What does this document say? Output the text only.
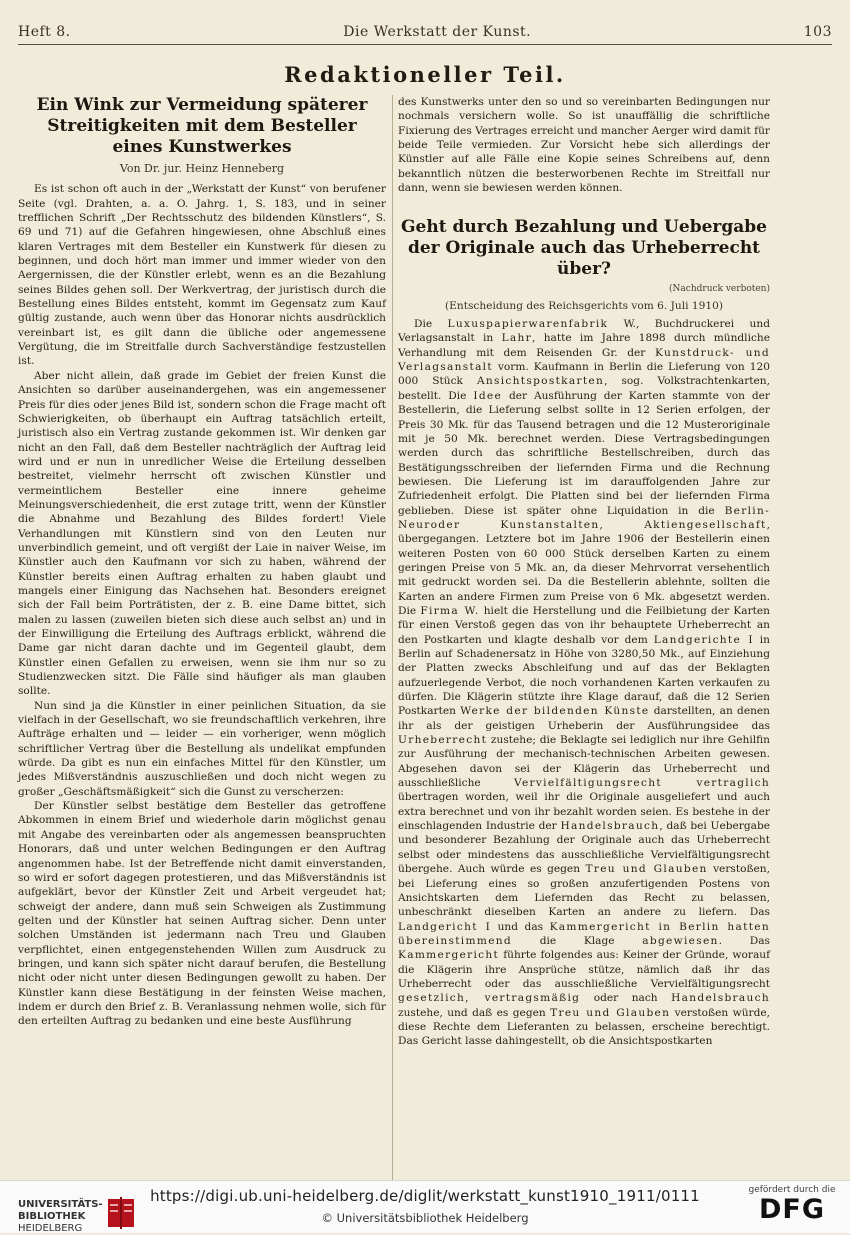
Heft 8.	Die Werkstatt der Kunst.	103
Redaktioneller Teil.
Ein Wink zur Vermeidung späterer
Streitigkeiten mit dem Besteller
eines Kunstwerkes
Von Dr. jur. Heinz Henneberg

Es ist schon oft auch in der „Werkstatt der Kunst“ von berufener Seite (vgl. Drahten, a. a. O. Jahrg. 1, S. 183, und in seiner trefflichen Schrift „Der Rechtsschutz des bildenden Künstlers“, S. 69 und 71) auf die Gefahren hingewiesen, ohne Abschluß eines klaren Vertrages mit dem Besteller ein Kunstwerk für diesen zu beginnen, und doch hört man immer und immer wieder von den Aergernissen, die der Künstler erlebt, wenn es an die Bezahlung seines Bildes gehen soll. Der Werkvertrag, der juristisch durch die Bestellung eines Bildes entsteht, kommt im Gegensatz zum Kauf gültig zustande, auch wenn über das Honorar nichts ausdrücklich vereinbart ist, es gilt dann die übliche oder angemessene Vergütung, die im Streitfalle durch Sachverständige festzustellen ist.

Aber nicht allein, daß grade im Gebiet der freien Kunst die Ansichten so darüber auseinandergehen, was ein angemessener Preis für dies oder jenes Bild ist, sondern schon die Frage macht oft Schwierigkeiten, ob überhaupt ein Auftrag tatsächlich erteilt, juristisch also ein Vertrag zustande gekommen ist. Wir denken gar nicht an den Fall, daß dem Besteller nachträglich der Auftrag leid wird und er nun in unredlicher Weise die Erteilung desselben bestreitet, vielmehr herrscht oft zwischen Künstler und vermeintlichem Besteller eine innere geheime Meinungsverschiedenheit, die erst zutage tritt, wenn der Künstler die Abnahme und Bezahlung des Bildes fordert! Viele Verhandlungen mit Künstlern sind von den Leuten nur unverbindlich gemeint, und oft vergißt der Laie in naiver Weise, im Künstler auch den Kaufmann vor sich zu haben, während der Künstler bereits einen Auftrag erhalten zu haben glaubt und mangels einer Einigung das Nachsehen hat. Besonders ereignet sich der Fall beim Porträtisten, der z. B. eine Dame bittet, sich malen zu lassen (zuweilen bieten sich diese auch selbst an) und in der Einwilligung die Erteilung des Auftrags erblickt, während die Dame gar nicht daran dachte und im Gegenteil glaubt, dem Künstler einen Gefallen zu erweisen, wenn sie ihm nur so zu Studienzwecken sitzt. Die Fälle sind häufiger als man glauben sollte.

Nun sind ja die Künstler in einer peinlichen Situation, da sie vielfach in der Gesellschaft, wo sie freundschaftlich verkehren, ihre Aufträge erhalten und — leider — ein vorheriger, wenn möglich schriftlicher Vertrag über die Bestellung als undelikat empfunden würde. Da gibt es nun ein einfaches Mittel für den Künstler, um jedes Mißverständnis auszuschließen und doch nicht wegen zu großer „Geschäftsmäßigkeit“ sich die Gunst zu verscherzen:

Der Künstler selbst bestätige dem Besteller das getroffene Abkommen in einem Brief und wiederhole darin möglichst genau mit Angabe des vereinbarten oder als angemessen beanspruchten Honorars, daß und unter welchen Bedingungen er den Auftrag angenommen habe. Ist der Betreffende nicht damit einverstanden, so wird er sofort dagegen protestieren, und das Mißverständnis ist aufgeklärt, bevor der Künstler Zeit und Arbeit vergeudet hat; schweigt der andere, dann muß sein Schweigen als Zustimmung gelten und der Künstler hat seinen Auftrag sicher. Denn unter solchen Umständen ist jedermann nach Treu und Glauben verpflichtet, einen entgegenstehenden Willen zum Ausdruck zu bringen, und kann sich später nicht darauf berufen, die Bestellung nicht oder nicht unter diesen Bedingungen gewollt zu haben. Der Künstler kann diese Bestätigung in der feinsten Weise machen, indem er durch den Brief z. B. Veranlassung nehmen wolle, sich für den erteilten Auftrag zu bedanken und eine beste Ausführung

des Kunstwerks unter den so und so vereinbarten Bedingungen nur nochmals versichern wolle. So ist unauffällig die schriftliche Fixierung des Vertrages erreicht und mancher Aerger wird damit für beide Teile vermieden. Zur Vorsicht hebe sich allerdings der Künstler auf alle Fälle eine Kopie seines Schreibens auf, denn bekanntlich nützen die besterworbenen Rechte im Streitfall nur dann, wenn sie bewiesen werden können.

Geht durch Bezahlung und Uebergabe
der Originale auch das Urheberrecht
über?
(Nachdruck verboten)
(Entscheidung des Reichsgerichts vom 6. Juli 1910)

Die Luxuspapierwarenfabrik W., Buchdruckerei und Verlagsanstalt in Lahr, hatte im Jahre 1898 durch mündliche Verhandlung mit dem Reisenden Gr. der Kunstdruck- und Verlagsanstalt vorm. Kaufmann in Berlin die Lieferung von 120 000 Stück Ansichtspostkarten, sog. Volkstrachtenkarten, bestellt. Die Idee der Ausführung der Karten stammte von der Bestellerin, die Lieferung selbst sollte in 12 Serien erfolgen, der Preis 30 Mk. für das Tausend betragen und die 12 Musteroriginale mit je 50 Mk. berechnet werden. Diese Vertragsbedingungen werden durch das schriftliche Bestellschreiben, durch das Bestätigungsschreiben der liefernden Firma und die Rechnung bewiesen. Die Lieferung ist im darauffolgenden Jahre zur Zufriedenheit erfolgt. Die Platten sind bei der liefernden Firma geblieben. Diese ist später ohne Liquidation in die Berlin-Neuroder Kunstanstalten, Aktiengesellschaft, übergegangen. Letztere bot im Jahre 1906 der Bestellerin einen weiteren Posten von 60 000 Stück derselben Karten zu einem geringen Preise von 5 Mk. an, da dieser Mehrvorrat versehentlich mit gedruckt worden sei. Da die Bestellerin ablehnte, sollten die Karten an andere Firmen zum Preise von 6 Mk. abgesetzt werden. Die Firma W. hielt die Herstellung und die Feilbietung der Karten für einen Verstoß gegen das von ihr behauptete Urheberrecht an den Postkarten und klagte deshalb vor dem Landgerichte I in Berlin auf Schadenersatz in Höhe von 3280,50 Mk., auf Einziehung der Platten zwecks Abschleifung und auf das der Beklagten aufzuerlegende Verbot, die noch vorhandenen Karten verkaufen zu dürfen. Die Klägerin stützte ihre Klage darauf, daß die 12 Serien Postkarten Werke der bildenden Künste darstellten, an denen ihr als der geistigen Urheberin der Ausführungsidee das Urheberrecht zustehe; die Beklagte sei lediglich nur ihre Gehilfin zur Ausführung der mechanisch-technischen Arbeiten gewesen. Abgesehen davon sei der Klägerin das Urheberrecht und ausschließliche Vervielfältigungsrecht vertraglich übertragen worden, weil ihr die Originale ausgeliefert und auch extra berechnet und von ihr bezahlt worden seien. Es bestehe in der einschlagenden Industrie der Handelsbrauch, daß bei Uebergabe und besonderer Bezahlung der Originale auch das Urheberrecht selbst oder mindestens das ausschließliche Vervielfältigungsrecht übergehe. Auch würde es gegen Treu und Glauben verstoßen, bei Lieferung eines so großen anzufertigenden Postens von Ansichtskarten dem Liefernden das Recht zu belassen, unbeschränkt dieselben Karten an andere zu liefern. Das Landgericht I und das Kammergericht in Berlin hatten übereinstimmend die Klage abgewiesen. Das Kammergericht führte folgendes aus: Keiner der Gründe, worauf die Klägerin ihre Ansprüche stütze, nämlich daß ihr das Urheberrecht oder das ausschließliche Vervielfältigungsrecht gesetzlich, vertragsmäßig oder nach Handelsbrauch zustehe, und daß es gegen Treu und Glauben verstoßen würde, diese Rechte dem Lieferanten zu belassen, erscheine berechtigt. Das Gericht lasse dahingestellt, ob die Ansichtspostkarten

UNIVERSITÄTS-
BIBLIOTHEK
HEIDELBERG
https://digi.ub.uni-heidelberg.de/diglit/werkstatt_kunst1910_1911/0111
© Universitätsbibliothek Heidelberg
gefördert durch die
DFG
